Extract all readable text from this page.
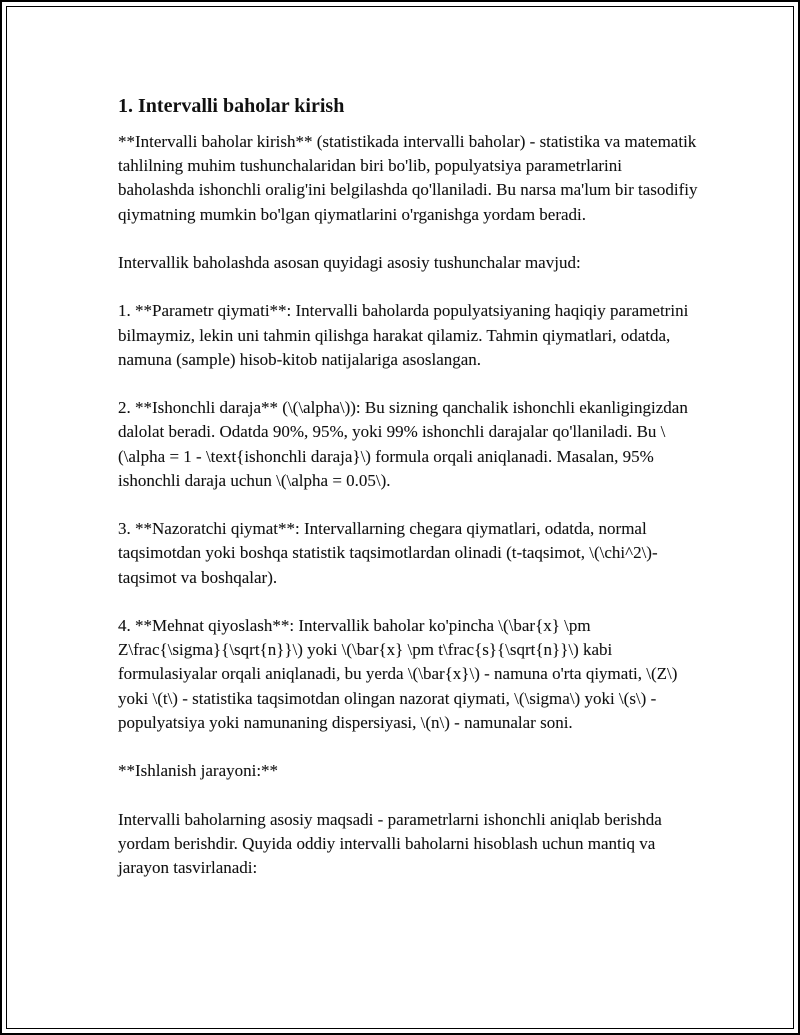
1. Intervalli baholar kirish

**Intervalli baholar kirish** (statistikada intervalli baholar) - statistika va matematik tahlilning muhim tushunchalaridan biri bo'lib, populyatsiya parametrlarini baholashda ishonchli oralig'ini belgilashda qo'llaniladi. Bu narsa ma'lum bir tasodifiy qiymatning mumkin bo'lgan qiymatlarini o'rganishga yordam beradi.

Intervallik baholashda asosan quyidagi asosiy tushunchalar mavjud:

1. **Parametr qiymati**: Intervalli baholarda populyatsiyaning haqiqiy parametrini bilmaymiz, lekin uni tahmin qilishga harakat qilamiz. Tahmin qiymatlari, odatda, namuna (sample) hisob-kitob natijalariga asoslangan.

2. **Ishonchli daraja** (\(\alpha\)): Bu sizning qanchalik ishonchli ekanligingizdan dalolat beradi. Odatda 90%, 95%, yoki 99% ishonchli darajalar qo'llaniladi. Bu \(\alpha = 1 - \text{ishonchli daraja}\) formula orqali aniqlanadi. Masalan, 95% ishonchli daraja uchun \(\alpha = 0.05\).

3. **Nazoratchi qiymat**: Intervallarning chegara qiymatlari, odatda, normal taqsimotdan yoki boshqa statistik taqsimotlardan olinadi (t-taqsimot, \(\chi^2\)-taqsimot va boshqalar).

4. **Mehnat qiyoslash**: Intervallik baholar ko'pincha \(\bar{x} \pm Z\frac{\sigma}{\sqrt{n}}\) yoki \(\bar{x} \pm t\frac{s}{\sqrt{n}}\) kabi formulasiyalar orqali aniqlanadi, bu yerda \(\bar{x}\) - namuna o'rta qiymati, \(Z\) yoki \(t\) - statistika taqsimotdan olingan nazorat qiymati, \(\sigma\) yoki \(s\) - populyatsiya yoki namunaning dispersiyasi, \(n\) - namunalar soni.

**Ishlanish jarayoni:**

Intervalli baholarning asosiy maqsadi - parametrlarni ishonchli aniqlab berishda yordam berishdir. Quyida oddiy intervalli baholarni hisoblash uchun mantiq va jarayon tasvirlanadi:
